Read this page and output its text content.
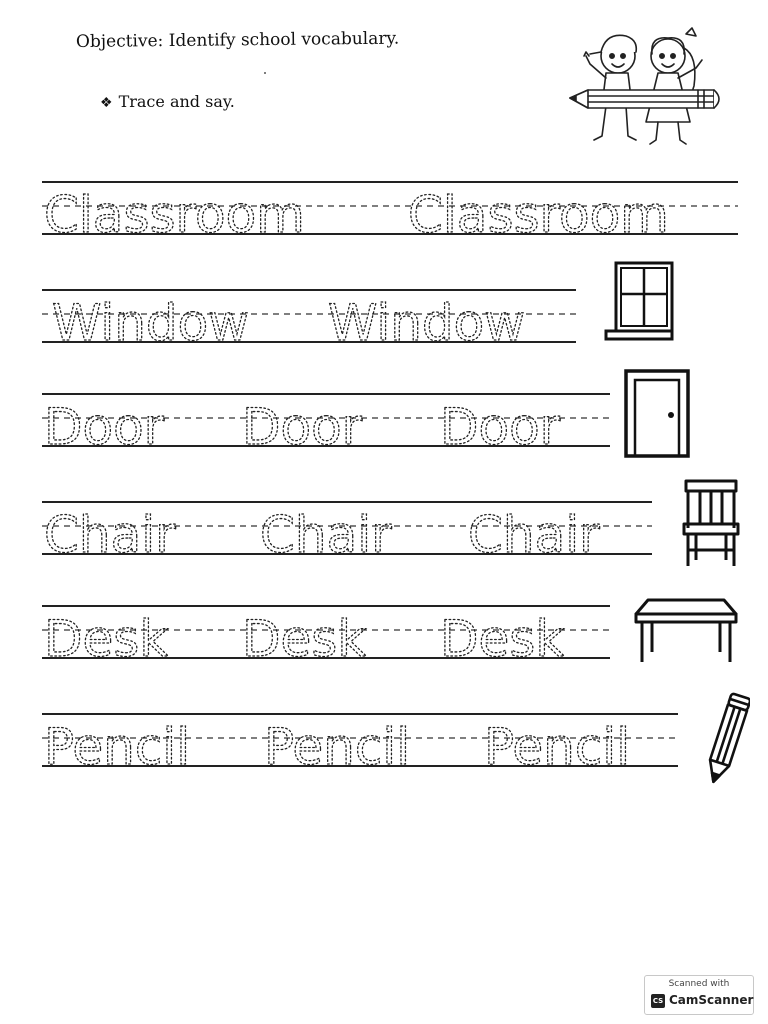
Objective: Identify school vocabulary.
❖ Trace and say.
Classroom Classroom
Window Window
Door Door Door
Chair Chair Chair
Desk Desk Desk
Pencil Pencil Pencil
Scanned with
CS CamScanner
